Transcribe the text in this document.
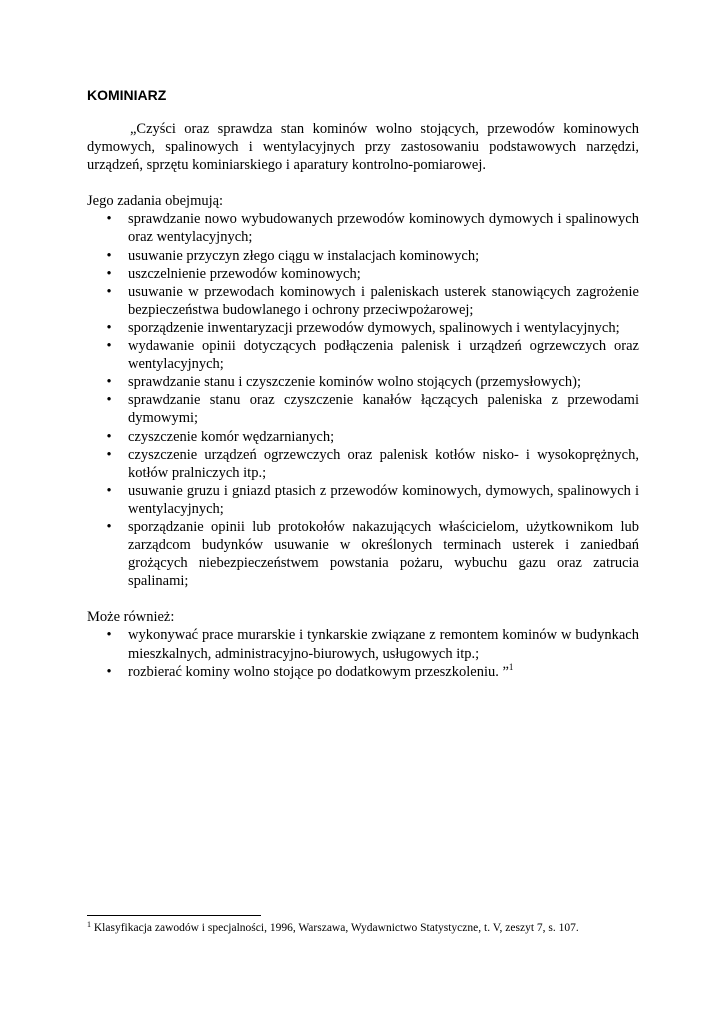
KOMINIARZ

„Czyści oraz sprawdza stan kominów wolno stojących, przewodów kominowych dymowych, spalinowych i wentylacyjnych przy zastosowaniu podstawowych narzędzi, urządzeń, sprzętu kominiarskiego i aparatury kontrolno-pomiarowej.

Jego zadania obejmują:

• sprawdzanie nowo wybudowanych przewodów kominowych dymowych i spalinowych oraz wentylacyjnych;
• usuwanie przyczyn złego ciągu w instalacjach kominowych;
• uszczelnienie przewodów kominowych;
• usuwanie w przewodach kominowych i paleniskach usterek stanowiących zagrożenie bezpieczeństwa budowlanego i ochrony przeciwpożarowej;
• sporządzenie inwentaryzacji przewodów dymowych, spalinowych i wentylacyjnych;
• wydawanie opinii dotyczących podłączenia palenisk i urządzeń ogrzewczych oraz wentylacyjnych;
• sprawdzanie stanu i czyszczenie kominów wolno stojących (przemysłowych);
• sprawdzanie stanu oraz czyszczenie kanałów łączących paleniska z przewodami dymowymi;
• czyszczenie komór wędzarnianych;
• czyszczenie urządzeń ogrzewczych oraz palenisk kotłów nisko- i wysokoprężnych, kotłów pralniczych itp.;
• usuwanie gruzu i gniazd ptasich z przewodów kominowych, dymowych, spalinowych i wentylacyjnych;
• sporządzanie opinii lub protokołów nakazujących właścicielom, użytkownikom lub zarządcom budynków usuwanie w określonych terminach usterek i zaniedbań grożących niebezpieczeństwem powstania pożaru, wybuchu gazu oraz zatrucia spalinami;

Może również:

• wykonywać prace murarskie i tynkarskie związane z remontem kominów w budynkach mieszkalnych, administracyjno-biurowych, usługowych itp.;
• rozbierać kominy wolno stojące po dodatkowym przeszkoleniu. ”$^1$
$^1$ Klasyfikacja zawodów i specjalności, 1996, Warszawa, Wydawnictwo Statystyczne, t. V, zeszyt 7, s. 107.
